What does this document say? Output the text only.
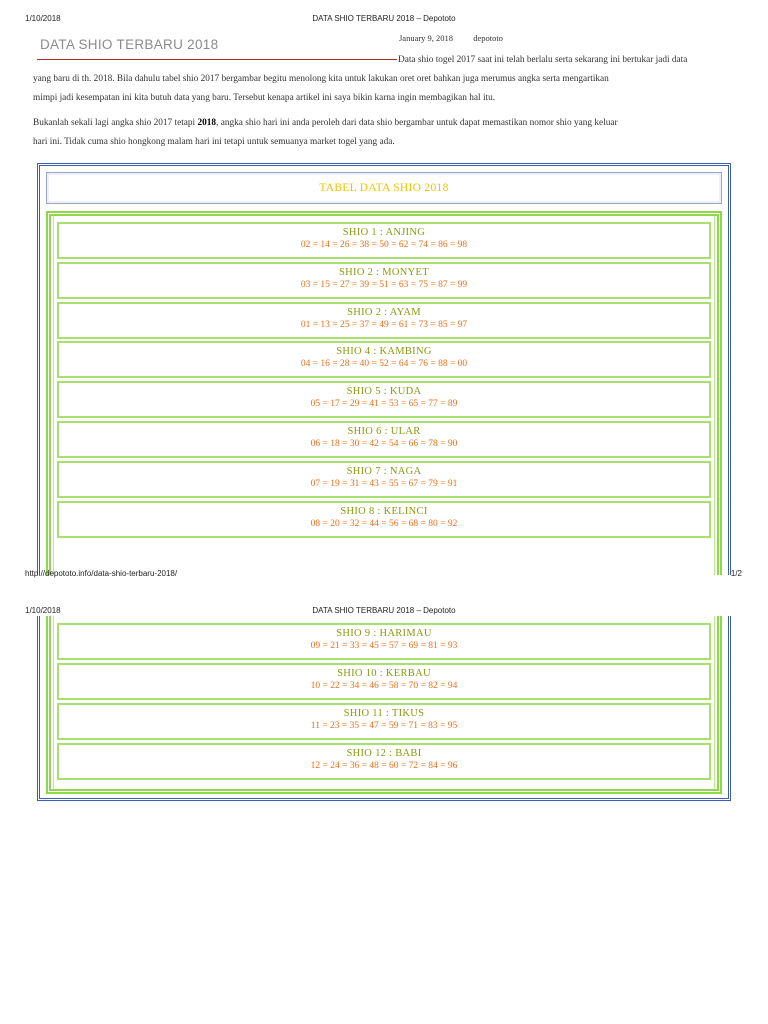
1/10/2018	DATA SHIO TERBARU 2018 – Depototo
DATA SHIO TERBARU 2018	January 9, 2018 depototo
Data shio togel 2017 saat ini telah berlalu serta sekarang ini bertukar jadi data
yang baru di th. 2018. Bila dahulu tabel shio 2017 bergambar begitu menolong kita untuk lakukan oret oret bahkan juga merumus angka serta mengartikan
mimpi jadi kesempatan ini kita butuh data yang baru. Tersebut kenapa artikel ini saya bikin karna ingin membagikan hal itu.
Bukanlah sekali lagi angka shio 2017 tetapi 2018, angka shio hari ini anda peroleh dari data shio bergambar untuk dapat memastikan nomor shio yang keluar
hari ini. Tidak cuma shio hongkong malam hari ini tetapi untuk semuanya market togel yang ada.
TABEL DATA SHIO 2018
SHIO 1 : ANJING
02 = 14 = 26 = 38 = 50 = 62 = 74 = 86 = 98
SHIO 2 : MONYET
03 = 15 = 27 = 39 = 51 = 63 = 75 = 87 = 99
SHIO 2 : AYAM
01 = 13 = 25 = 37 = 49 = 61 = 73 = 85 = 97
SHIO 4 : KAMBING
04 = 16 = 28 = 40 = 52 = 64 = 76 = 88 = 00
SHIO 5 : KUDA
05 = 17 = 29 = 41 = 53 = 65 = 77 = 89
SHIO 6 : ULAR
06 = 18 = 30 = 42 = 54 = 66 = 78 = 90
SHIO 7 : NAGA
07 = 19 = 31 = 43 = 55 = 67 = 79 = 91
SHIO 8 : KELINCI
08 = 20 = 32 = 44 = 56 = 68 = 80 = 92
http://depototo.info/data-shio-terbaru-2018/	1/2
1/10/2018	DATA SHIO TERBARU 2018 – Depototo
SHIO 9 : HARIMAU
09 = 21 = 33 = 45 = 57 = 69 = 81 = 93
SHIO 10 : KERBAU
10 = 22 = 34 = 46 = 58 = 70 = 82 = 94
SHIO 11 : TIKUS
11 = 23 = 35 = 47 = 59 = 71 = 83 = 95
SHIO 12 : BABI
12 = 24 = 36 = 48 = 60 = 72 = 84 = 96
